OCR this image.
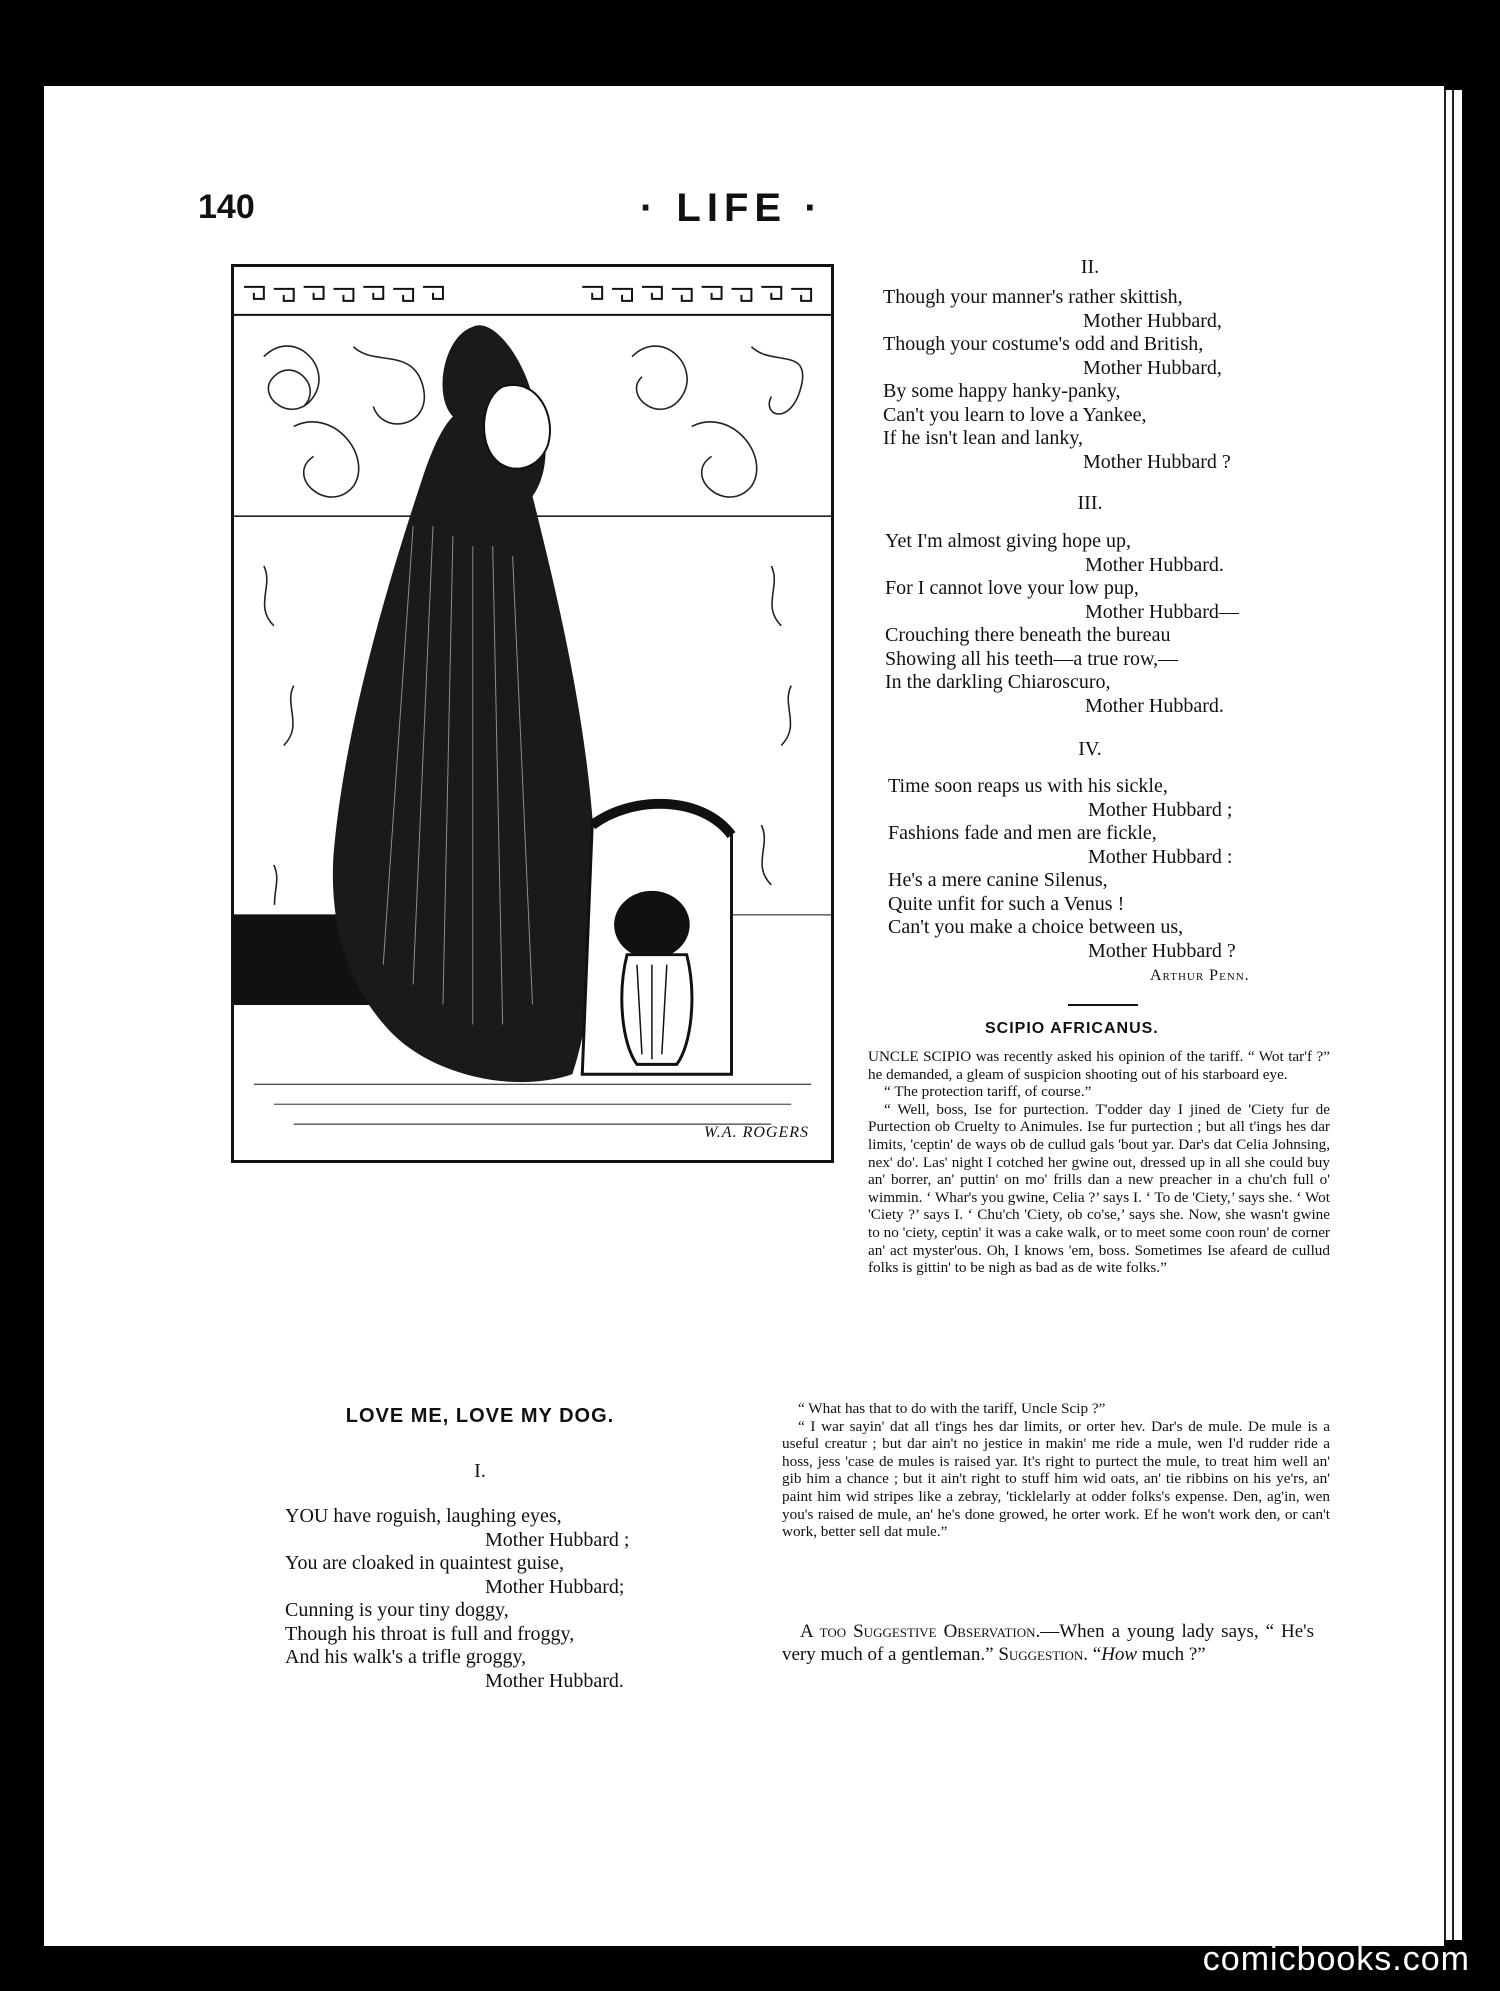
140	· LIFE ·
W.A. ROGERS
LOVE ME, LOVE MY DOG.
I.
YOU have roguish, laughing eyes,
Mother Hubbard ;
You are cloaked in quaintest guise,
Mother Hubbard;
Cunning is your tiny doggy,
Though his throat is full and froggy,
And his walk's a trifle groggy,
Mother Hubbard.
II.
Though your manner's rather skittish,
Mother Hubbard,
Though your costume's odd and British,
Mother Hubbard,
By some happy hanky-panky,
Can't you learn to love a Yankee,
If he isn't lean and lanky,
Mother Hubbard ?
III.
Yet I'm almost giving hope up,
Mother Hubbard.
For I cannot love your low pup,
Mother Hubbard—
Crouching there beneath the bureau
Showing all his teeth—a true row,—
In the darkling Chiaroscuro,
Mother Hubbard.
IV.
Time soon reaps us with his sickle,
Mother Hubbard ;
Fashions fade and men are fickle,
Mother Hubbard :
He's a mere canine Silenus,
Quite unfit for such a Venus !
Can't you make a choice between us,
Mother Hubbard ?
Arthur Penn.
SCIPIO AFRICANUS.

UNCLE SCIPIO was recently asked his opinion of the tariff. “ Wot tar'f ?” he demanded, a gleam of suspicion shooting out of his starboard eye.

“ The protection tariff, of course.”

“ Well, boss, Ise for purtection. T'odder day I jined de 'Ciety fur de Purtection ob Cruelty to Animules. Ise fur purtection ; but all t'ings hes dar limits, 'ceptin' de ways ob de cullud gals 'bout yar. Dar's dat Celia Johnsing, nex' do'. Las' night I cotched her gwine out, dressed up in all she could buy an' borrer, an' puttin' on mo' frills dan a new preacher in a chu'ch full o' wimmin. ‘ Whar's you gwine, Celia ?’ says I. ‘ To de 'Ciety,’ says she. ‘ Wot 'Ciety ?’ says I. ‘ Chu'ch 'Ciety, ob co'se,’ says she. Now, she wasn't gwine to no 'ciety, ceptin' it was a cake walk, or to meet some coon roun' de corner an' act myster'ous. Oh, I knows 'em, boss. Sometimes Ise afeard de cullud folks is gittin' to be nigh as bad as de wite folks.”

“ What has that to do with the tariff, Uncle Scip ?”

“ I war sayin' dat all t'ings hes dar limits, or orter hev. Dar's de mule. De mule is a useful creatur ; but dar ain't no jestice in makin' me ride a mule, wen I'd rudder ride a hoss, jess 'case de mules is raised yar. It's right to purtect the mule, to treat him well an' gib him a chance ; but it ain't right to stuff him wid oats, an' tie ribbins on his ye'rs, an' paint him wid stripes like a zebray, 'ticklelarly at odder folks's expense. Den, ag'in, wen you's raised de mule, an' he's done growed, he orter work. Ef he won't work den, or can't work, better sell dat mule.”

A too Suggestive Observation.—When a young lady says, “ He's very much of a gentleman.” Suggestion. “How much ?”
comicbooks.com
